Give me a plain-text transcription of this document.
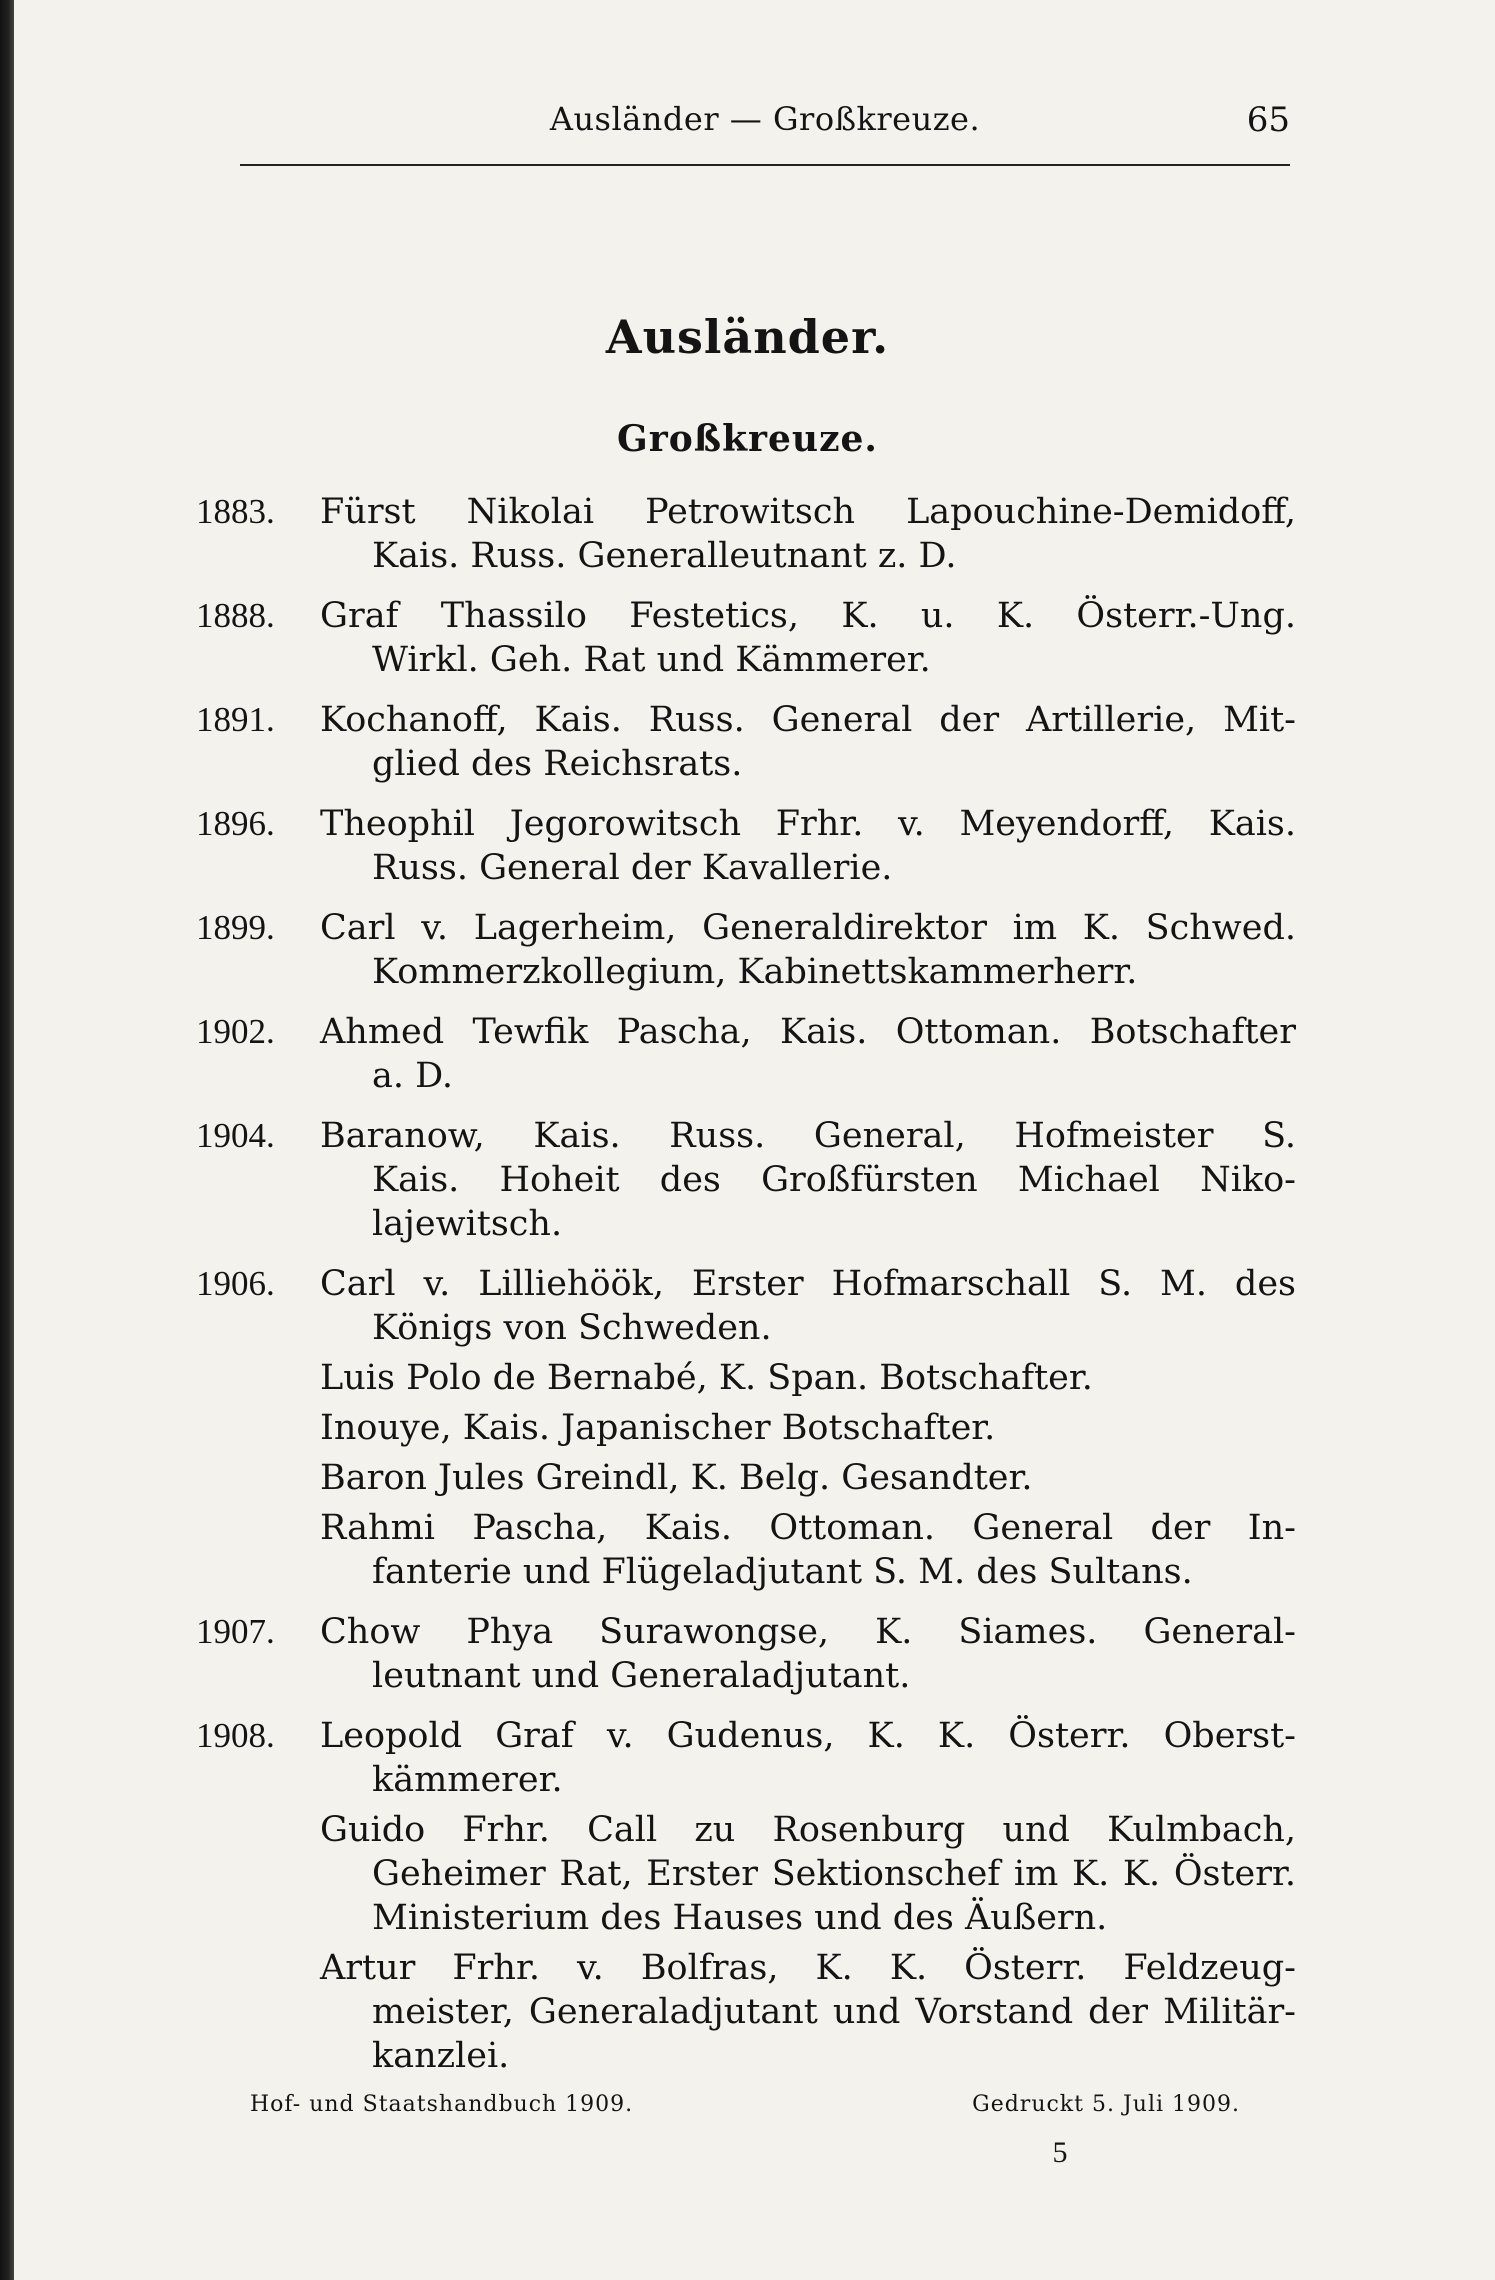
Ausländer — Großkreuze.	65
Ausländer.
Großkreuze.
1883.	Fürst Nikolai Petrowitsch Lapouchine-Demidoff,
Kais. Russ. Generalleutnant z. D.
1888.	Graf Thassilo Festetics, K. u. K. Österr.-Ung.
Wirkl. Geh. Rat und Kämmerer.
1891.	Kochanoff, Kais. Russ. General der Artillerie, Mit-
glied des Reichsrats.
1896.	Theophil Jegorowitsch Frhr. v. Meyendorff, Kais.
Russ. General der Kavallerie.
1899.	Carl v. Lagerheim, Generaldirektor im K. Schwed.
Kommerzkollegium, Kabinettskammerherr.
1902.	Ahmed Tewfik Pascha, Kais. Ottoman. Botschafter
a. D.
1904.	Baranow, Kais. Russ. General, Hofmeister S.
Kais. Hoheit des Großfürsten Michael Niko-
lajewitsch.
1906.	Carl v. Lilliehöök, Erster Hofmarschall S. M. des
Königs von Schweden.
Luis Polo de Bernabé, K. Span. Botschafter.
Inouye, Kais. Japanischer Botschafter.
Baron Jules Greindl, K. Belg. Gesandter.
Rahmi Pascha, Kais. Ottoman. General der In-
fanterie und Flügeladjutant S. M. des Sultans.
1907.	Chow Phya Surawongse, K. Siames. General-
leutnant und Generaladjutant.
1908.	Leopold Graf v. Gudenus, K. K. Österr. Oberst-
kämmerer.
Guido Frhr. Call zu Rosenburg und Kulmbach,
Geheimer Rat, Erster Sektionschef im K. K. Österr.
Ministerium des Hauses und des Äußern.
Artur Frhr. v. Bolfras, K. K. Österr. Feldzeug-
meister, Generaladjutant und Vorstand der Militär-
kanzlei.
Hof- und Staatshandbuch 1909.	Gedruckt 5. Juli 1909.
5
